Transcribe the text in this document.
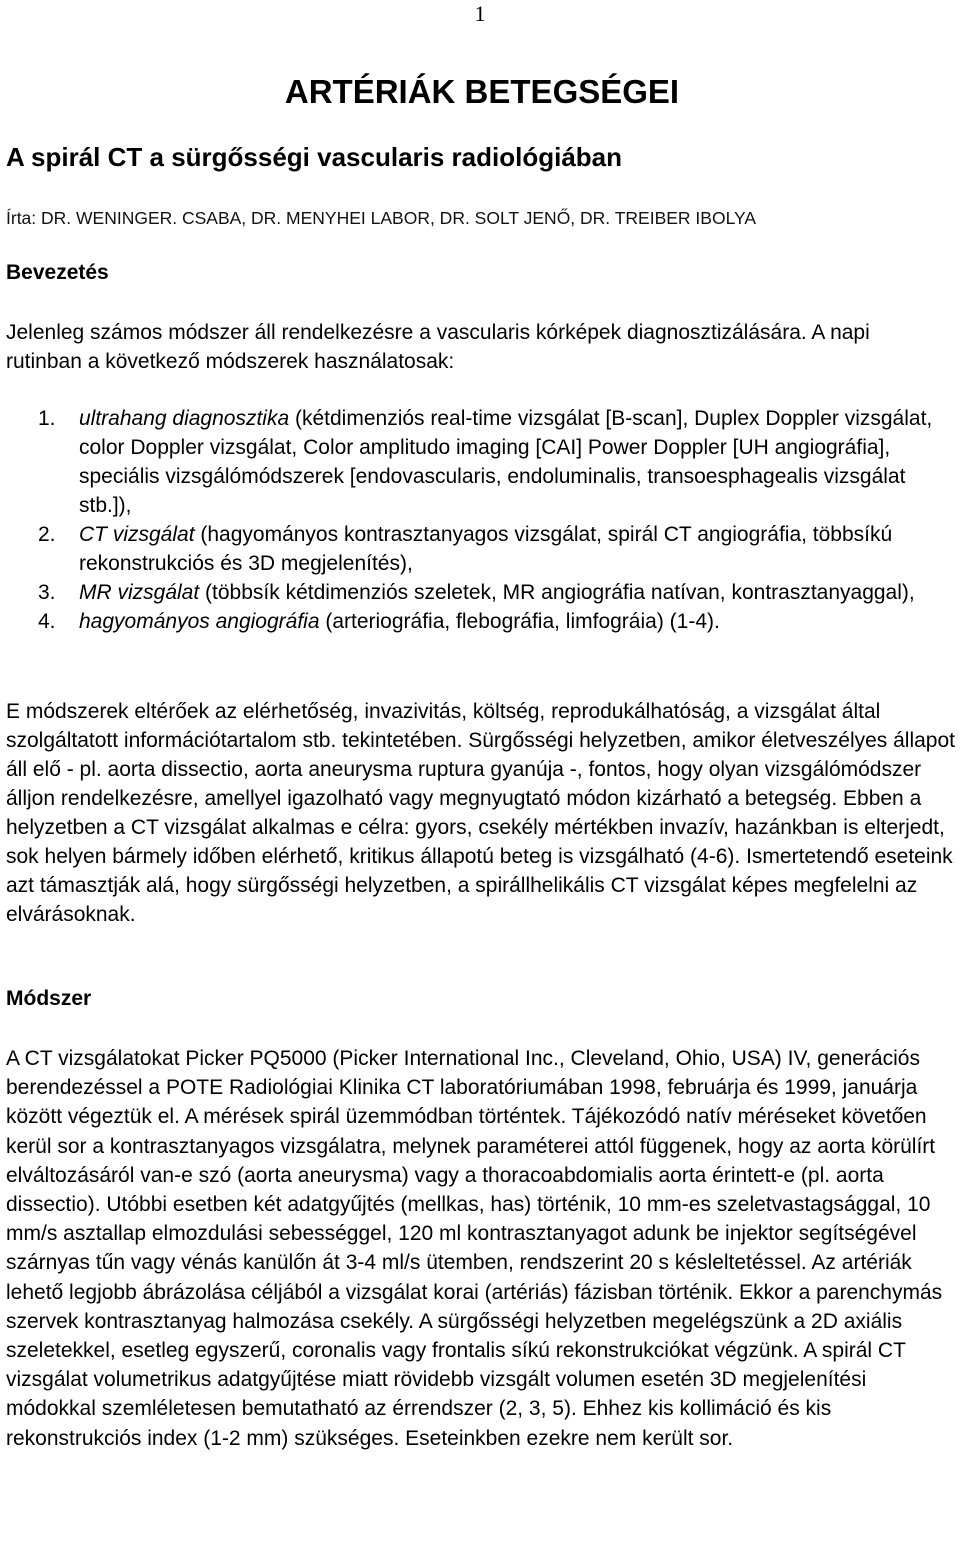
1
ARTÉRIÁK BETEGSÉGEI
A spirál CT a sürgősségi vascularis radiológiában
Írta: DR. WENINGER. CSABA, DR. MENYHEI LABOR, DR. SOLT JENŐ, DR. TREIBER IBOLYA
Bevezetés

Jelenleg számos módszer áll rendelkezésre a vascularis kórképek diagnosztizálására. A napi rutinban a következő módszerek használatosak:

1.	ultrahang diagnosztika (kétdimenziós real-time vizsgálat [B-scan], Duplex Doppler vizsgálat, color Doppler vizsgálat, Color amplitudo imaging [CAI] Power Doppler [UH angiográfia], speciális vizsgálómódszerek [endovascularis, endoluminalis, transoesphagealis vizsgálat stb.]),
2.	CT vizsgálat (hagyományos kontrasztanyagos vizsgálat, spirál CT angiográfia, többsíkú rekonstrukciós és 3D megjelenítés),
3.	MR vizsgálat (többsík kétdimenziós szeletek, MR angiográfia natívan, kontrasztanyaggal),
4.	hagyományos angiográfia (arteriográfia, flebográfia, limfográia) (1-4).

E módszerek eltérőek az elérhetőség, invazivitás, költség, reprodukálhatóság, a vizsgálat által szolgáltatott információtartalom stb. tekintetében. Sürgősségi helyzetben, amikor életveszélyes állapot áll elő - pl. aorta dissectio, aorta aneurysma ruptura gyanúja -, fontos, hogy olyan vizsgálómódszer álljon rendelkezésre, amellyel igazolható vagy megnyugtató módon kizárható a betegség. Ebben a helyzetben a CT vizsgálat alkalmas e célra: gyors, csekély mértékben invazív, hazánkban is elterjedt, sok helyen bármely időben elérhető, kritikus állapotú beteg is vizsgálható (4-6). Ismertetendő eseteink azt támasztják alá, hogy sürgősségi helyzetben, a spirállhelikális CT vizsgálat képes megfelelni az elvárásoknak.

Módszer

A CT vizsgálatokat Picker PQ5000 (Picker International Inc., Cleveland, Ohio, USA) IV, generációs berendezéssel a POTE Radiológiai Klinika CT laboratóriumában 1998, februárja és 1999, januárja között végeztük el. A mérések spirál üzemmódban történtek. Tájékozódó natív méréseket követően kerül sor a kontrasztanyagos vizsgálatra, melynek paraméterei attól függenek, hogy az aorta körülírt elváltozásáról van-e szó (aorta aneurysma) vagy a thoracoabdomialis aorta érintett-e (pl. aorta dissectio). Utóbbi esetben két adatgyűjtés (mellkas, has) történik, 10 mm-es szeletvastagsággal, 10 mm/s asztallap elmozdulási sebességgel, 120 ml kontrasztanyagot adunk be injektor segítségével szárnyas tűn vagy vénás kanülőn át 3-4 ml/s ütemben, rendszerint 20 s késleltetéssel. Az artériák lehető legjobb ábrázolása céljából a vizsgálat korai (artériás) fázisban történik. Ekkor a parenchymás szervek kontrasztanyag halmozása csekély. A sürgősségi helyzetben megelégszünk a 2D axiális szeletekkel, esetleg egyszerű, coronalis vagy frontalis síkú rekonstrukciókat végzünk. A spirál CT vizsgálat volumetrikus adatgyűjtése miatt rövidebb vizsgált volumen esetén 3D megjelenítési módokkal szemléletesen bemutatható az érrendszer (2, 3, 5). Ehhez kis kollimáció és kis rekonstrukciós index (1-2 mm) szükséges. Eseteinkben ezekre nem került sor.
